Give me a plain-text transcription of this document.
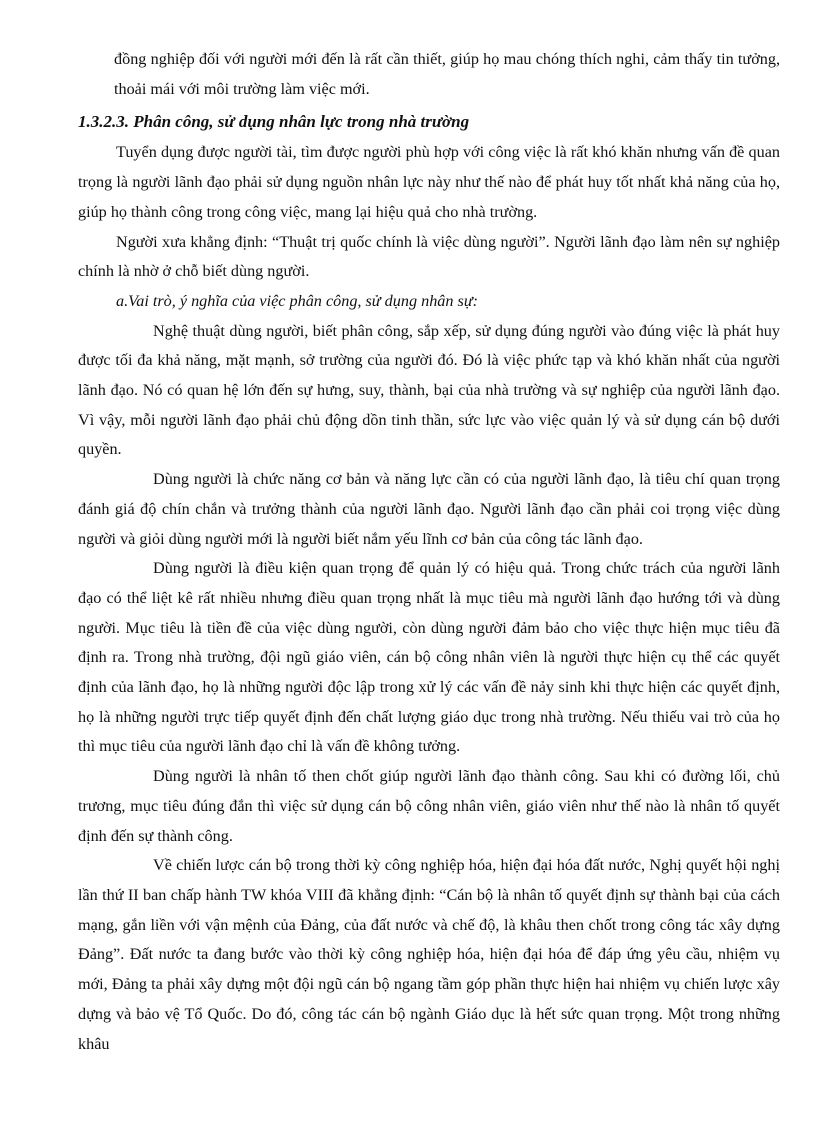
đồng nghiệp đối với người mới đến là rất cần thiết, giúp họ mau chóng thích nghi, cảm thấy tin tưởng, thoải mái với môi trường làm việc mới.

1.3.2.3. Phân công, sử dụng nhân lực trong nhà trường

Tuyển dụng được người tài, tìm được người phù hợp với công việc là rất khó khăn nhưng vấn đề quan trọng là người lãnh đạo phải sử dụng nguồn nhân lực này như thế nào để phát huy tốt nhất khả năng của họ, giúp họ thành công trong công việc, mang lại hiệu quả cho nhà trường.

Người xưa khẳng định: “Thuật trị quốc chính là việc dùng người”. Người lãnh đạo làm nên sự nghiệp chính là nhờ ở chỗ biết dùng người.

a.Vai trò, ý nghĩa của việc phân công, sử dụng nhân sự:

Nghệ thuật dùng người, biết phân công, sắp xếp, sử dụng đúng người vào đúng việc là phát huy được tối đa khả năng, mặt mạnh, sở trường của người đó. Đó là việc phức tạp và khó khăn nhất của người lãnh đạo. Nó có quan hệ lớn đến sự hưng, suy, thành, bại của nhà trường và sự nghiệp của người lãnh đạo. Vì vậy, mỗi người lãnh đạo phải chủ động dồn tinh thần, sức lực vào việc quản lý và sử dụng cán bộ dưới quyền.

Dùng người là chức năng cơ bản và năng lực cần có của người lãnh đạo, là tiêu chí quan trọng đánh giá độ chín chắn và trưởng thành của người lãnh đạo. Người lãnh đạo cần phải coi trọng việc dùng người và giỏi dùng người mới là người biết nắm yếu lĩnh cơ bản của công tác lãnh đạo.

Dùng người là điều kiện quan trọng để quản lý có hiệu quả. Trong chức trách của người lãnh đạo có thể liệt kê rất nhiều nhưng điều quan trọng nhất là mục tiêu mà người lãnh đạo hướng tới và dùng người. Mục tiêu là tiền đề của việc dùng người, còn dùng người đảm bảo cho việc thực hiện mục tiêu đã định ra. Trong nhà trường, đội ngũ giáo viên, cán bộ công nhân viên là người thực hiện cụ thể các quyết định của lãnh đạo, họ là những người độc lập trong xử lý các vấn đề nảy sinh khi thực hiện các quyết định, họ là những người trực tiếp quyết định đến chất lượng giáo dục trong nhà trường. Nếu thiếu vai trò của họ thì mục tiêu của người lãnh đạo chỉ là vấn đề không tưởng.

Dùng người là nhân tố then chốt giúp người lãnh đạo thành công. Sau khi có đường lối, chủ trương, mục tiêu đúng đắn thì việc sử dụng cán bộ công nhân viên, giáo viên như thế nào là nhân tố quyết định đến sự thành công.

Về chiến lược cán bộ trong thời kỳ công nghiệp hóa, hiện đại hóa đất nước, Nghị quyết hội nghị lần thứ II ban chấp hành TW khóa VIII đã khẳng định: “Cán bộ là nhân tố quyết định sự thành bại của cách mạng, gắn liền với vận mệnh của Đảng, của đất nước và chế độ, là khâu then chốt trong công tác xây dựng Đảng”. Đất nước ta đang bước vào thời kỳ công nghiệp hóa, hiện đại hóa để đáp ứng yêu cầu, nhiệm vụ mới, Đảng ta phải xây dựng một đội ngũ cán bộ ngang tầm góp phần thực hiện hai nhiệm vụ chiến lược xây dựng và bảo vệ Tổ Quốc. Do đó, công tác cán bộ ngành Giáo dục là hết sức quan trọng. Một trong những khâu
